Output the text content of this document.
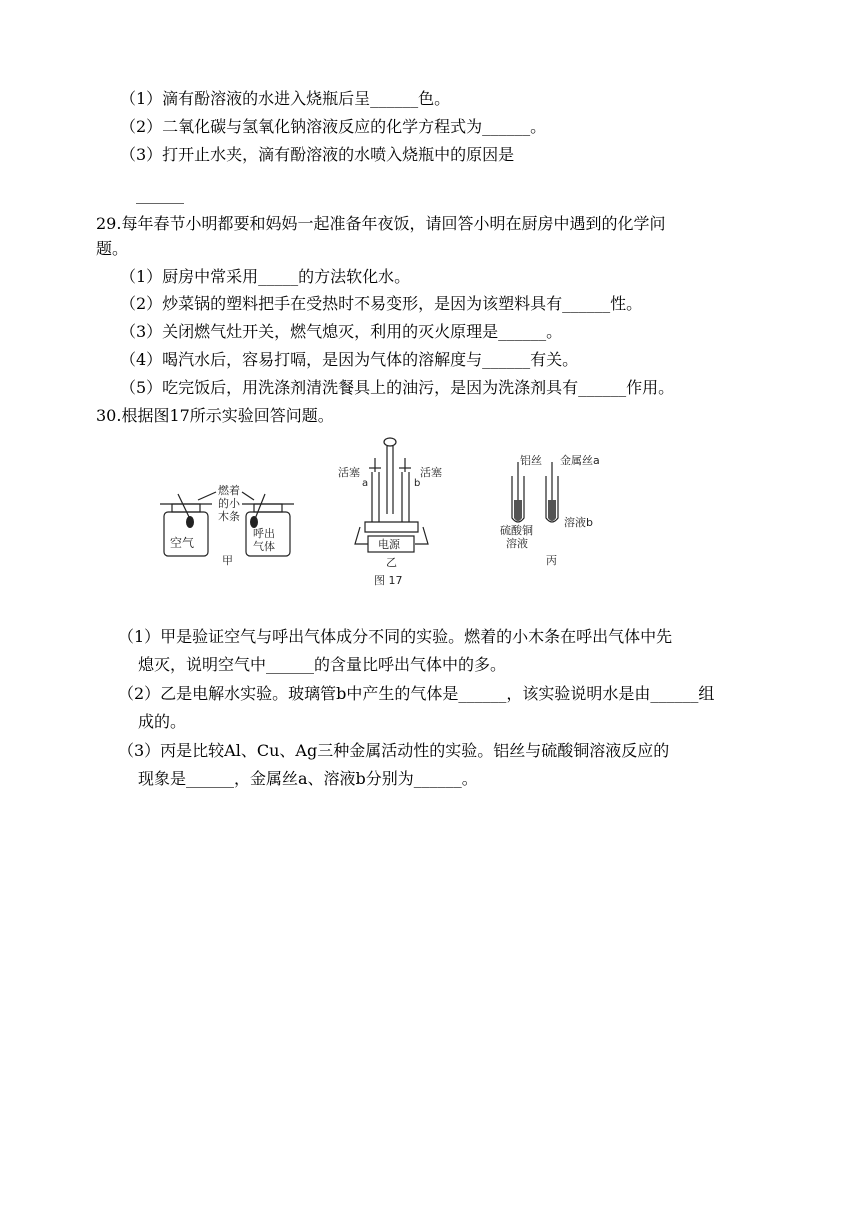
（1）滴有酚溶液的水进入烧瓶后呈______色。
（2）二氧化碳与氢氧化钠溶液反应的化学方程式为______。
（3）打开止水夹，滴有酚溶液的水喷入烧瓶中的原因是
______
29.每年春节小明都要和妈妈一起准备年夜饭，请回答小明在厨房中遇到的化学问
题。
（1）厨房中常采用_____的方法软化水。
（2）炒菜锅的塑料把手在受热时不易变形，是因为该塑料具有______性。
（3）关闭燃气灶开关，燃气熄灭，利用的灭火原理是______。
（4）喝汽水后，容易打嗝，是因为气体的溶解度与______有关。
（5）吃完饭后，用洗涤剂清洗餐具上的油污，是因为洗涤剂具有______作用。
30.根据图17所示实验回答问题。
空气
呼出
气体
燃着
的小
木条
甲
电源
活塞	活塞
a	b
乙
铝丝 金属丝a
硫酸铜
溶液
溶液b
丙
图 17
（1）甲是验证空气与呼出气体成分不同的实验。燃着的小木条在呼出气体中先
熄灭，说明空气中______的含量比呼出气体中的多。
（2）乙是电解水实验。玻璃管b中产生的气体是______，该实验说明水是由______组
成的。
（3）丙是比较Al、Cu、Ag三种金属活动性的实验。铝丝与硫酸铜溶液反应的
现象是______，金属丝a、溶液b分别为______。
